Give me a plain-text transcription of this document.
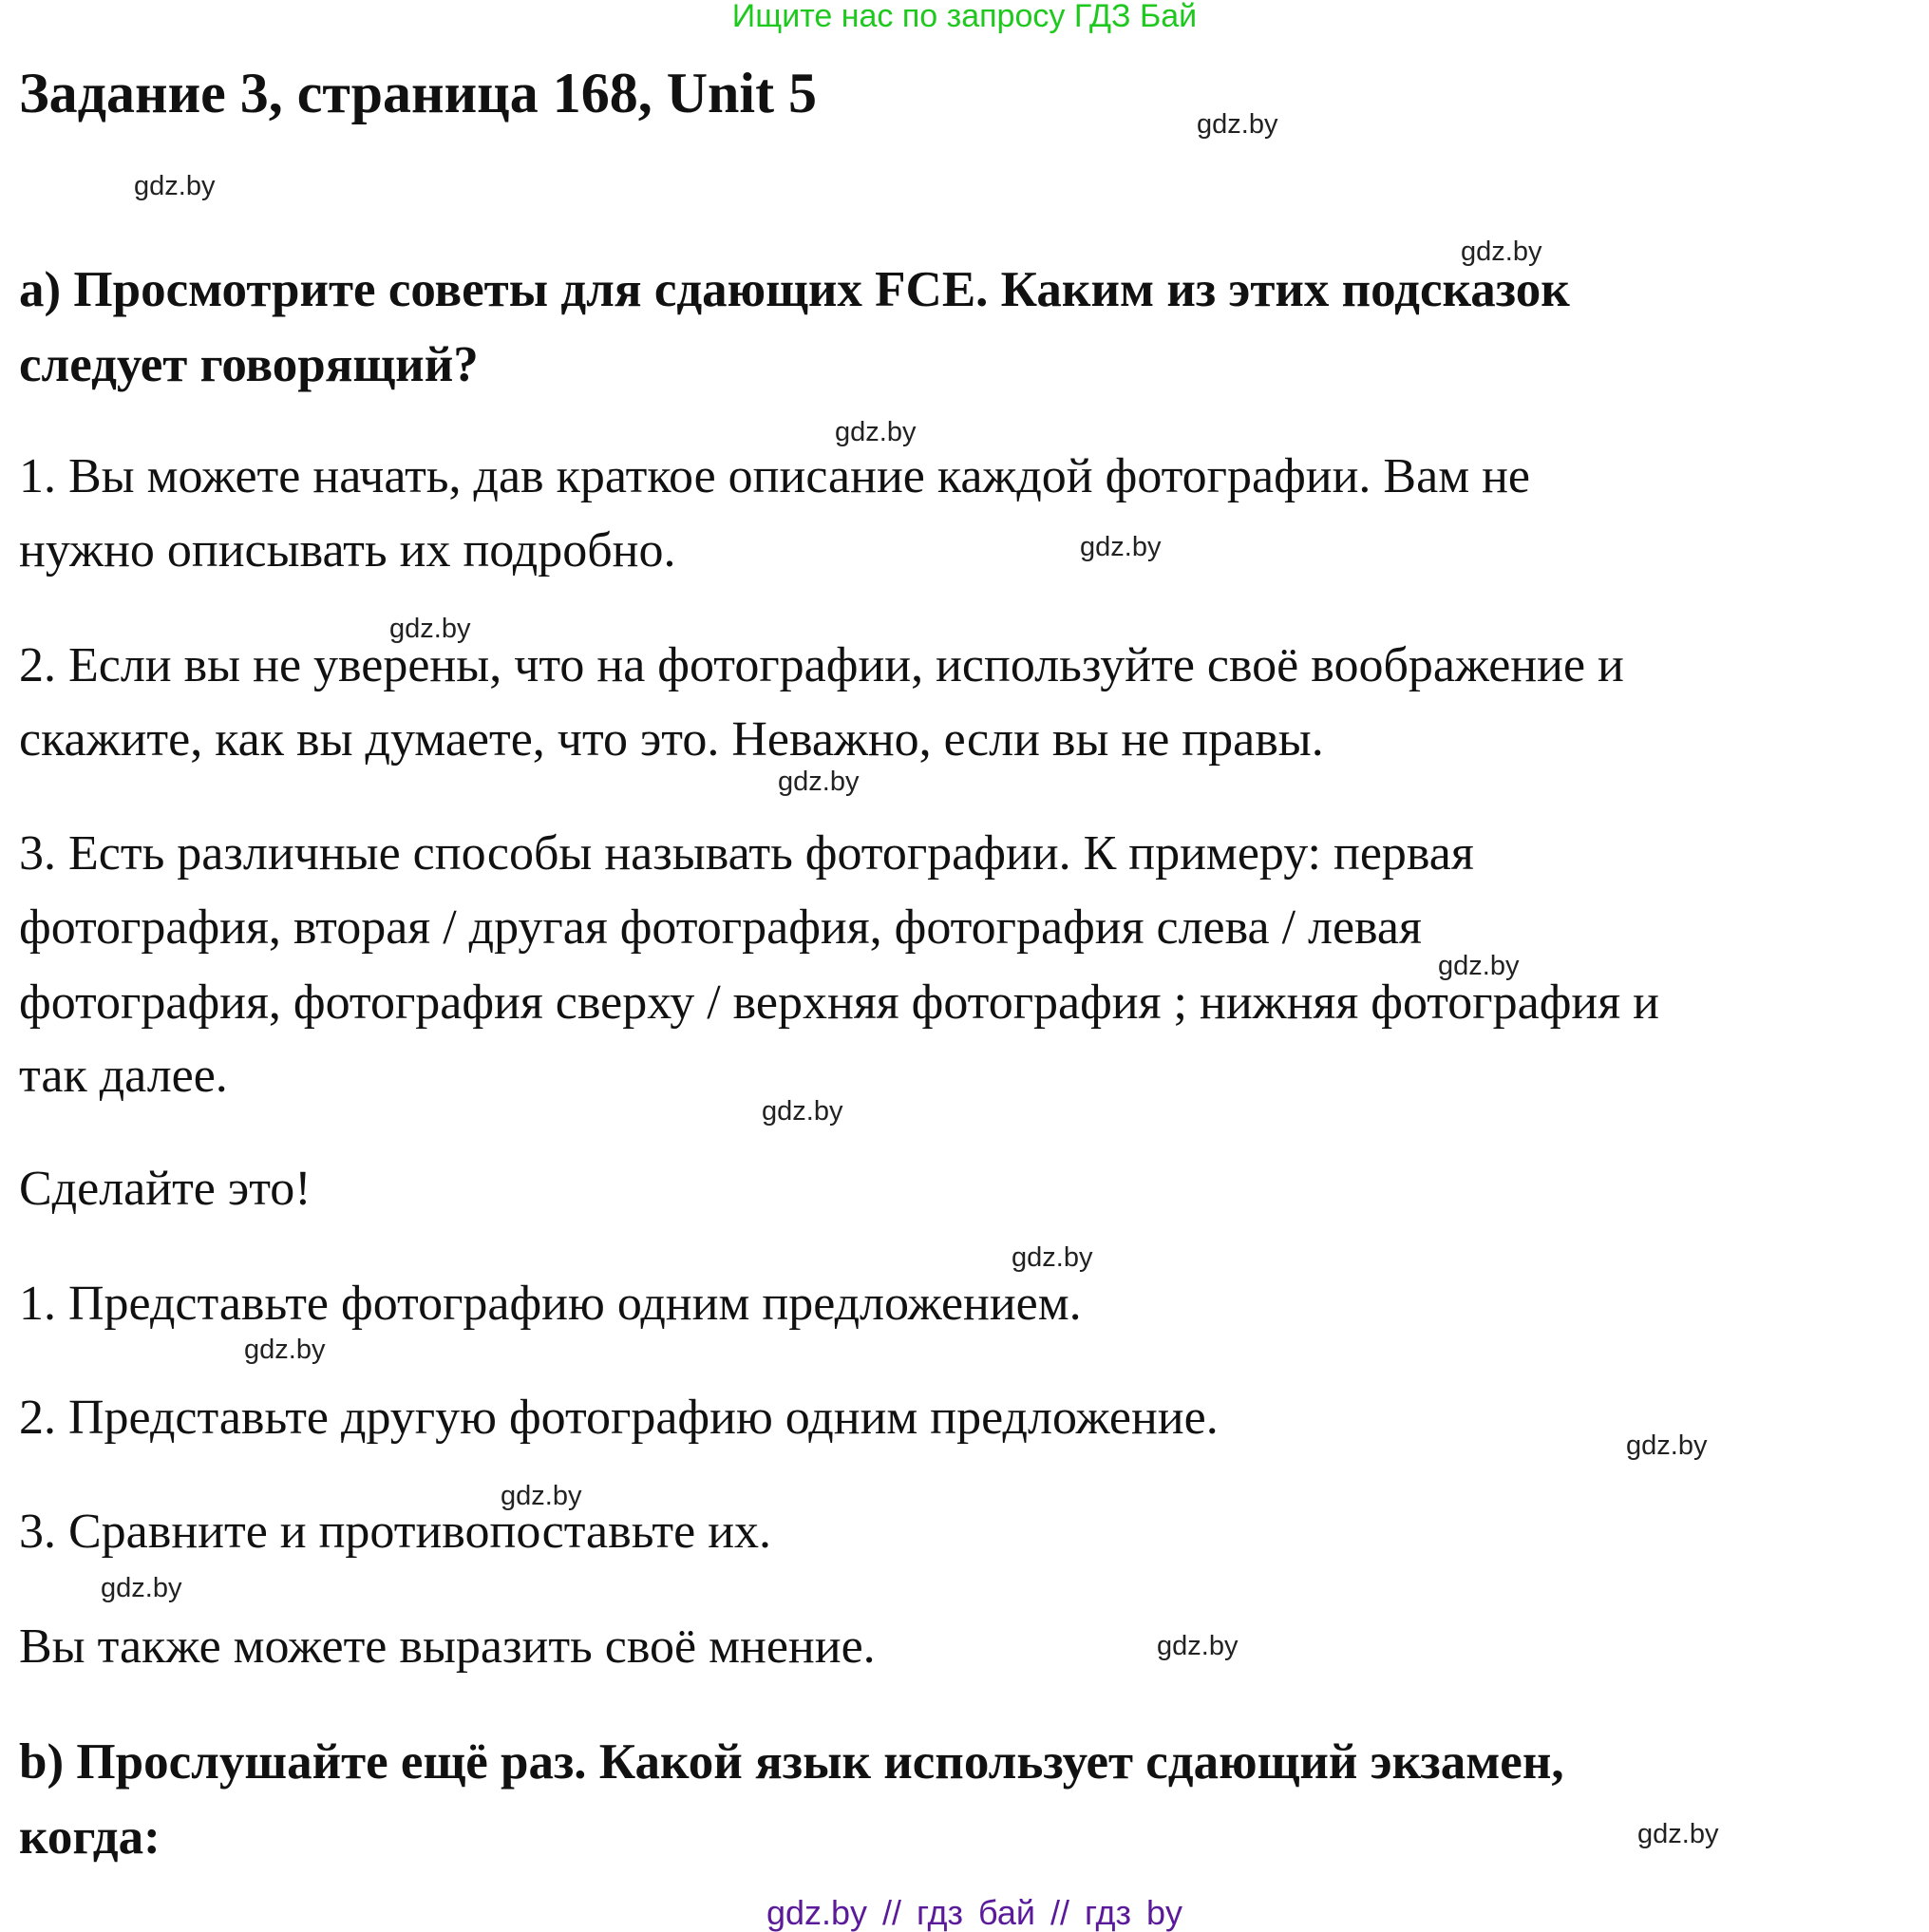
Ищите нас по запросу ГДЗ Бай
Задание 3, страница 168, Unit 5
a) Просмотрите советы для сдающих FCE. Каким из этих подсказок
следует говорящий?
1. Вы можете начать, дав краткое описание каждой фотографии. Вам не
нужно описывать их подробно.
2. Если вы не уверены, что на фотографии, используйте своё воображение и
скажите, как вы думаете, что это. Неважно, если вы не правы.
3. Есть различные способы называть фотографии. К примеру: первая
фотография, вторая / другая фотография, фотография слева / левая
фотография, фотография сверху / верхняя фотография ; нижняя фотография и
так далее.
Сделайте это!
1. Представьте фотографию одним предложением.
2. Представьте другую фотографию одним предложение.
3. Сравните и противопоставьте их.
Вы также можете выразить своё мнение.
b) Прослушайте ещё раз. Какой язык использует сдающий экзамен,
когда:
gdz.by
gdz.by
gdz.by
gdz.by
gdz.by
gdz.by
gdz.by
gdz.by
gdz.by
gdz.by
gdz.by
gdz.by
gdz.by
gdz.by
gdz.by
gdz.by
gdz.by // гдз бай // гдз by
